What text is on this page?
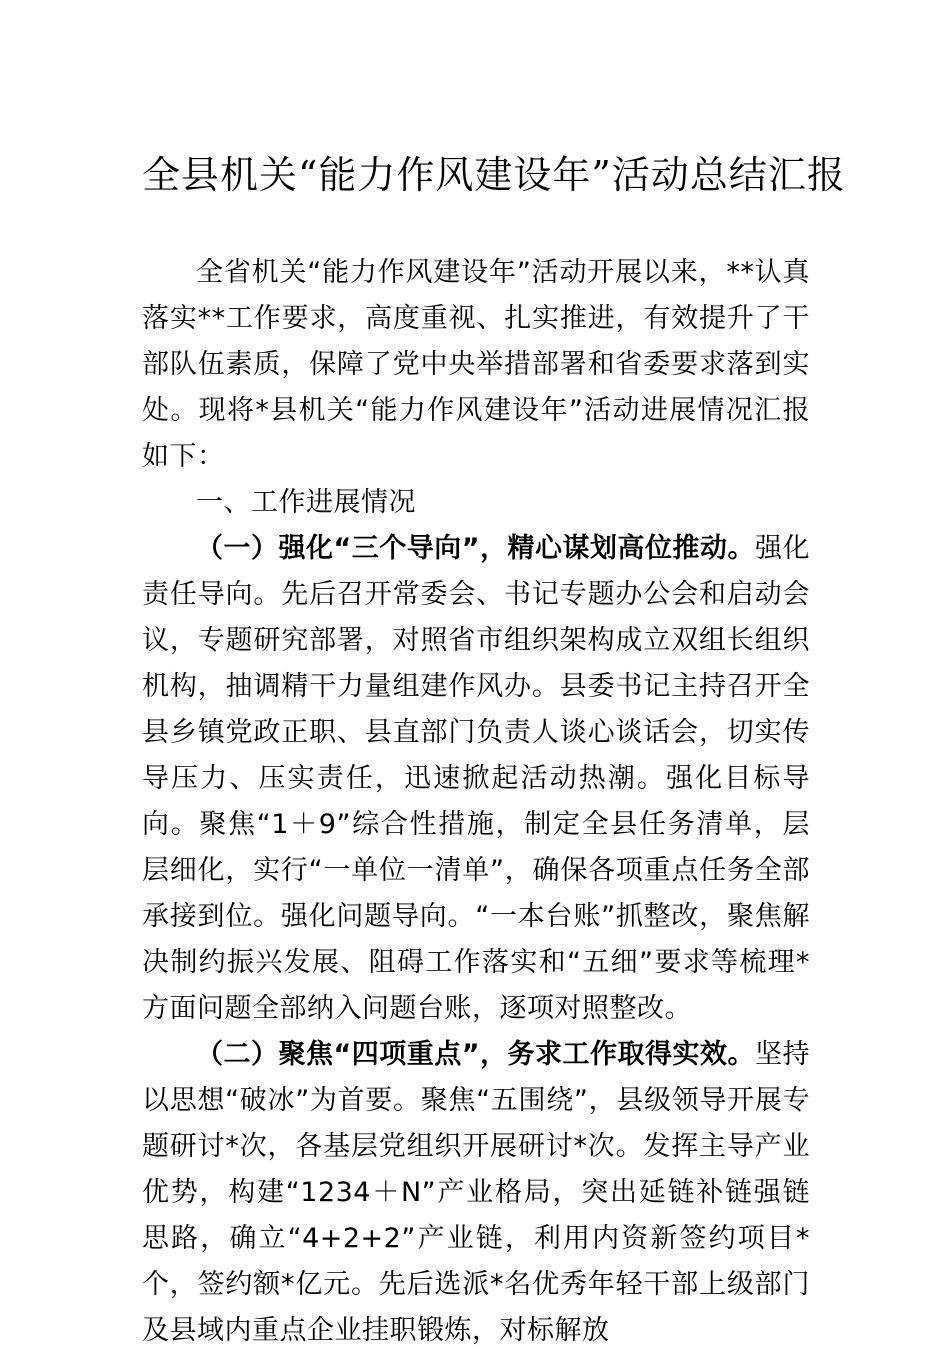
全县机关“能力作风建设年”活动总结汇报

全省机关“能力作风建设年”活动开展以来，**认真落实**工作要求，高度重视、扎实推进，有效提升了干部队伍素质，保障了党中央举措部署和省委要求落到实处。现将*县机关“能力作风建设年”活动进展情况汇报如下：

一、工作进展情况

（一）强化“三个导向”，精心谋划高位推动。强化责任导向。先后召开常委会、书记专题办公会和启动会议，专题研究部署，对照省市组织架构成立双组长组织机构，抽调精干力量组建作风办。县委书记主持召开全县乡镇党政正职、县直部门负责人谈心谈话会，切实传导压力、压实责任，迅速掀起活动热潮。强化目标导向。聚焦“1＋9”综合性措施，制定全县任务清单，层层细化，实行“一单位一清单”，确保各项重点任务全部承接到位。强化问题导向。“一本台账”抓整改，聚焦解决制约振兴发展、阻碍工作落实和“五细”要求等梳理*方面问题全部纳入问题台账，逐项对照整改。

（二）聚焦“四项重点”，务求工作取得实效。坚持以思想“破冰”为首要。聚焦“五围绕”，县级领导开展专题研讨*次，各基层党组织开展研讨*次。发挥主导产业优势，构建“1234＋N”产业格局，突出延链补链强链思路，确立“4+2+2”产业链，利用内资新签约项目*个，签约额*亿元。先后选派*名优秀年轻干部上级部门及县域内重点企业挂职锻炼，对标解放
